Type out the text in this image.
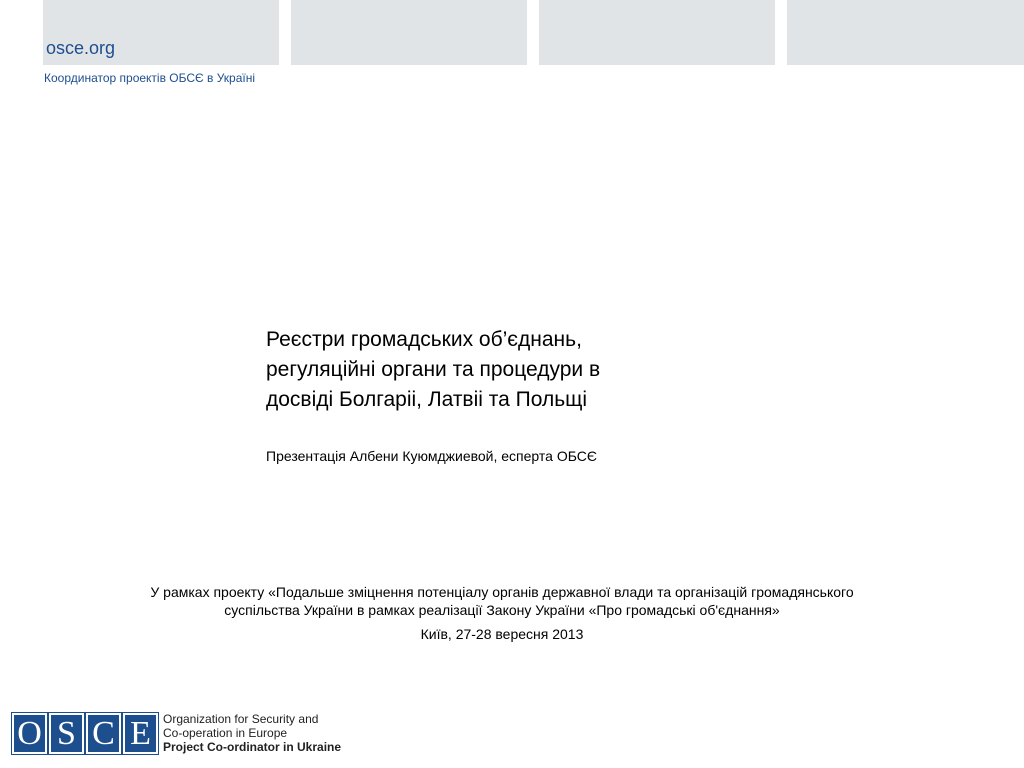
osce.org
Координатор проектів ОБСЄ в Україні
Реєстри громадських об’єднань,
регуляційні органи та процедури в
досвіді Болгаріі, Латвіі та Польщі
Презентація Албени Куюмджиевой, есперта ОБСЄ
У рамках проекту «Подальше зміцнення потенціалу органів державної влади та організацій громадянського
суспільства України в рамках реалізації Закону України «Про громадські об'єднання»
Київ, 27-28 вересня 2013
O S C E	Organization for Security and
Co-operation in Europe
Project Co-ordinator in Ukraine
